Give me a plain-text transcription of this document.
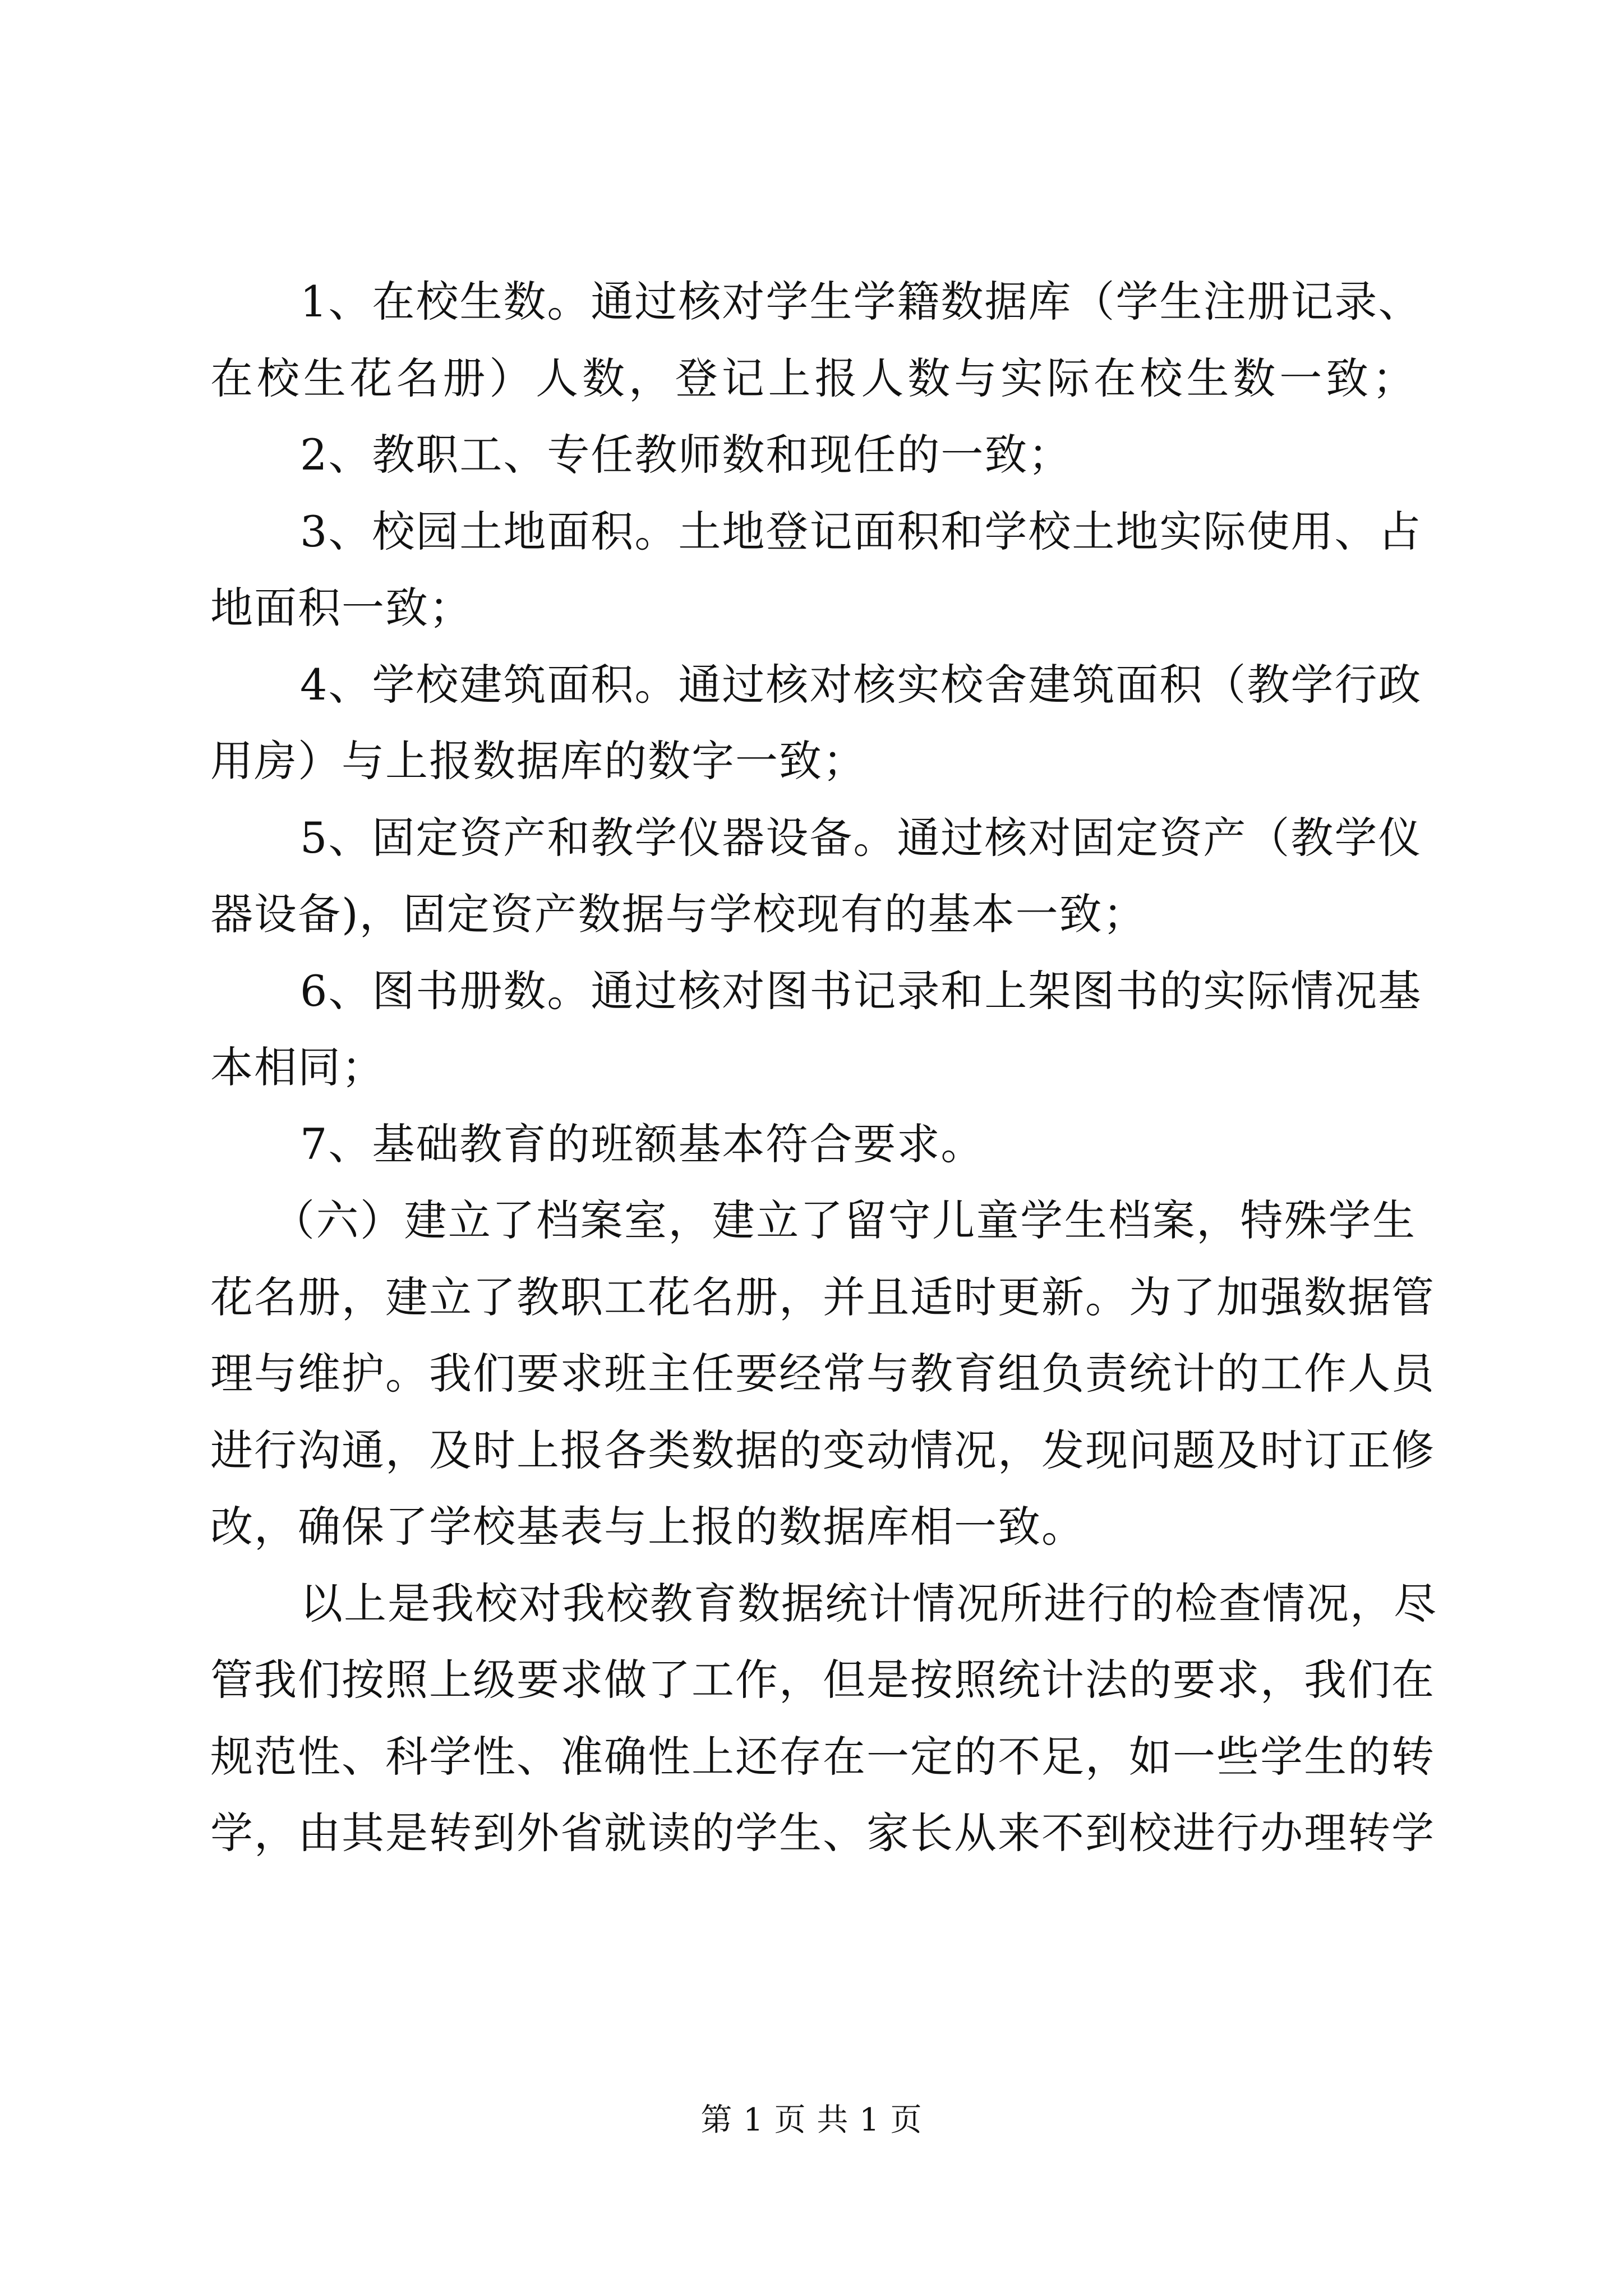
1、在校生数。通过核对学生学籍数据库（学生注册记录、
在校生花名册）人数，登记上报人数与实际在校生数一致；
2、教职工、专任教师数和现任的一致；
3、校园土地面积。土地登记面积和学校土地实际使用、占
地面积一致；
4、学校建筑面积。通过核对核实校舍建筑面积（教学行政
用房）与上报数据库的数字一致；
5、固定资产和教学仪器设备。通过核对固定资产（教学仪
器设备)，固定资产数据与学校现有的基本一致；
6、图书册数。通过核对图书记录和上架图书的实际情况基
本相同；
7、基础教育的班额基本符合要求。
（六）建立了档案室，建立了留守儿童学生档案，特殊学生
花名册，建立了教职工花名册，并且适时更新。为了加强数据管
理与维护。我们要求班主任要经常与教育组负责统计的工作人员
进行沟通，及时上报各类数据的变动情况，发现问题及时订正修
改，确保了学校基表与上报的数据库相一致。
以上是我校对我校教育数据统计情况所进行的检查情况，尽
管我们按照上级要求做了工作，但是按照统计法的要求，我们在
规范性、科学性、准确性上还存在一定的不足，如一些学生的转
学，由其是转到外省就读的学生、家长从来不到校进行办理转学
第 1 页 共 1 页
